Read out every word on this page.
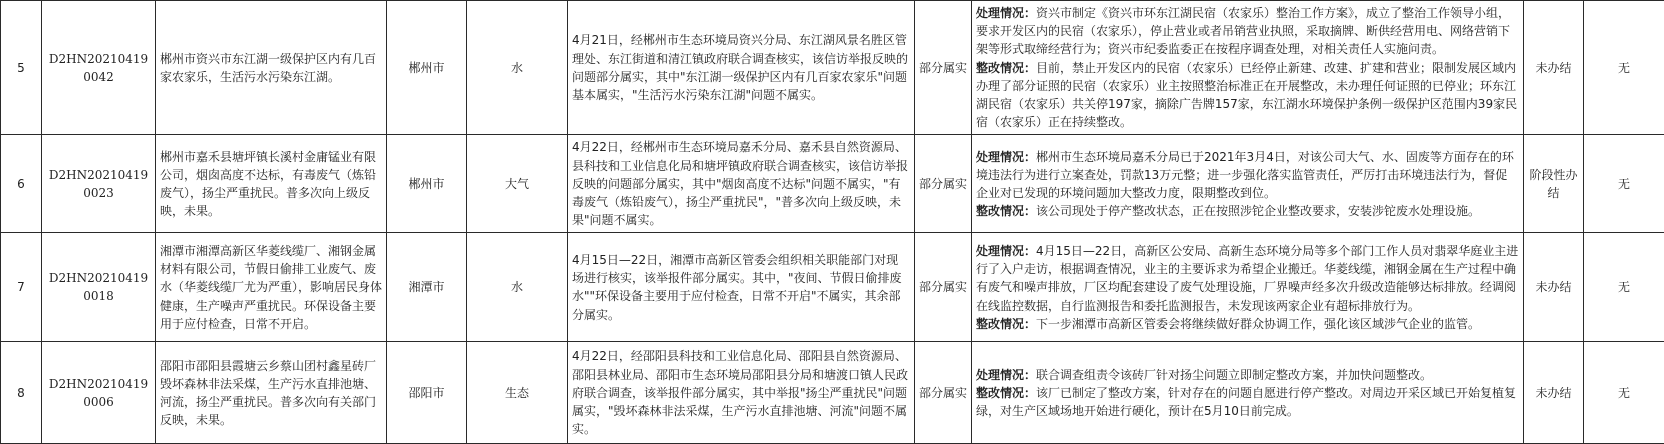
5	D2HN202104190042	郴州市资兴市东江湖一级保护区内有几百家农家乐，生活污水污染东江湖。	郴州市	水	4月21日，经郴州市生态环境局资兴分局、东江湖风景名胜区管理处、东江街道和清江镇政府联合调查核实，该信访举报反映的问题部分属实，其中"东江湖一级保护区内有几百家农家乐"问题基本属实，"生活污水污染东江湖"问题不属实。	部分属实	处理情况：资兴市制定《资兴市环东江湖民宿（农家乐）整治工作方案》，成立了整治工作领导小组，要求开发区内的民宿（农家乐），停止营业或者吊销营业执照，采取摘牌、断供经营用电、网络营销下架等形式取缔经营行为；资兴市纪委监委正在按程序调查处理，对相关责任人实施问责。
整改情况：目前，禁止开发区内的民宿（农家乐）已经停止新建、改建、扩建和营业；限制发展区域内办理了部分证照的民宿（农家乐）业主按照整治标准正在开展整改，未办理任何证照的已停业；环东江湖民宿（农家乐）共关停197家，摘除广告牌157家，东江湖水环境保护条例一级保护区范围内39家民宿（农家乐）正在持续整改。	未办结	无
6	D2HN202104190023	郴州市嘉禾县塘坪镇长溪村金庸锰业有限公司，烟囱高度不达标，有毒废气（炼铅废气），扬尘严重扰民。普多次向上级反映，未果。	郴州市	大气	4月22日，经郴州市生态环境局嘉禾分局、嘉禾县自然资源局、县科技和工业信息化局和塘坪镇政府联合调查核实，该信访举报反映的问题部分属实，其中"烟囱高度不达标"问题不属实，"有毒废气（炼铅废气），扬尘严重扰民"，"普多次向上级反映，未果"问题不属实。	部分属实	处理情况：郴州市生态环境局嘉禾分局已于2021年3月4日，对该公司大气、水、固废等方面存在的环境违法行为进行立案查处，罚款13万元整；进一步强化落实监管责任，严厉打击环境违法行为，督促企业对已发现的环境问题加大整改力度，限期整改到位。
整改情况：该公司现处于停产整改状态，正在按照涉铊企业整改要求，安装涉铊废水处理设施。	阶段性办结	无
7	D2HN202104190018	湘潭市湘潭高新区华菱线缆厂、湘钢金属材料有限公司，节假日偷排工业废气、废水（华菱线缆厂尤为严重），影响居民身体健康，生产噪声严重扰民。环保设备主要用于应付检查，日常不开启。	湘潭市	水	4月15日—22日，湘潭市高新区管委会组织相关职能部门对现场进行核实，该举报件部分属实。其中，"夜间、节假日偷排废水""环保设备主要用于应付检查，日常不开启"不属实，其余部分属实。	部分属实	处理情况：4月15日—22日，高新区公安局、高新生态环境分局等多个部门工作人员对翡翠华庭业主进行了入户走访，根据调查情况，业主的主要诉求为希望企业搬迁。华菱线缆，湘钢金属在生产过程中确有废气和噪声排放，厂区均配套建设了废气处理设施，厂界噪声经多次升级改造能够达标排放。经调阅在线监控数据，自行监测报告和委托监测报告，未发现该两家企业有超标排放行为。
整改情况：下一步湘潭市高新区管委会将继续做好群众协调工作，强化该区域涉气企业的监管。	未办结	无
8	D2HN202104190006	邵阳市邵阳县霞塘云乡蔡山团村鑫星砖厂毁坏森林非法采煤，生产污水直排池塘、河流，扬尘严重扰民。普多次向有关部门反映，未果。	邵阳市	生态	4月22日，经邵阳县科技和工业信息化局、邵阳县自然资源局、邵阳县林业局、邵阳市生态环境局邵阳县分局和塘渡口镇人民政府联合调查，该举报件部分属实，其中举报"扬尘严重扰民"问题属实，"毁坏森林非法采煤，生产污水直排池塘、河流"问题不属实。	部分属实	处理情况：联合调查组责令该砖厂针对扬尘问题立即制定整改方案，并加快问题整改。
整改情况：该厂已制定了整改方案，针对存在的问题自愿进行停产整改。对周边开采区域已开始复植复绿，对生产区域场地开始进行硬化，预计在5月10日前完成。	未办结	无
